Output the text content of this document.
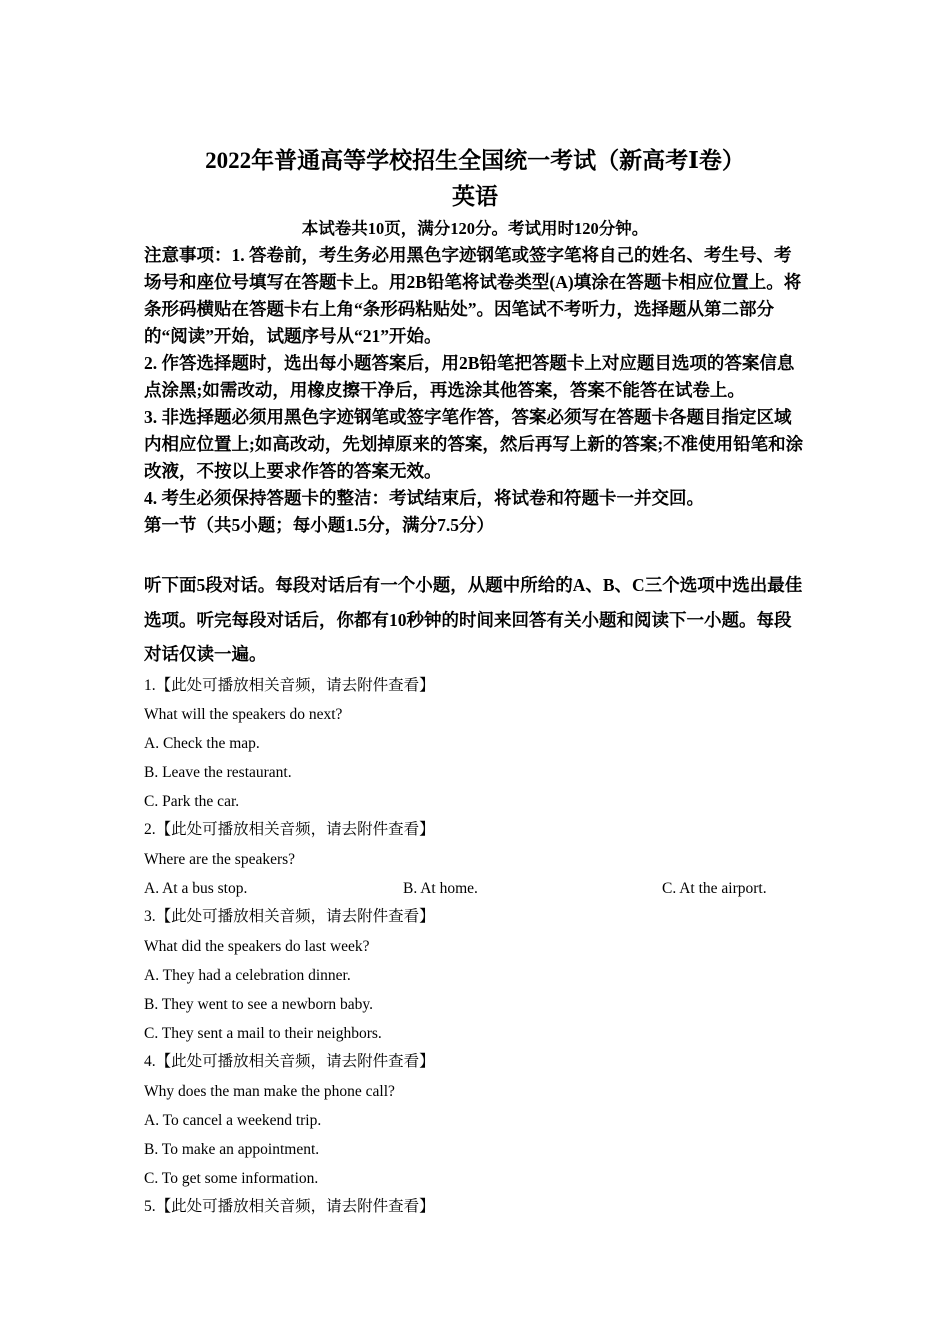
2022年普通高等学校招生全国统一考试（新高考Ⅰ卷）
英语
本试卷共10页，满分120分。考试用时120分钟。

注意事项：1. 答卷前，考生务必用黑色字迹钢笔或签字笔将自己的姓名、考生号、考场号和座位号填写在答题卡上。用2B铅笔将试卷类型(A)填涂在答题卡相应位置上。将条形码横贴在答题卡右上角“条形码粘贴处”。因笔试不考听力，选择题从第二部分的“阅读”开始，试题序号从“21”开始。

2. 作答选择题时，选出每小题答案后，用2B铅笔把答题卡上对应题目选项的答案信息点涂黑;如需改动，用橡皮擦干净后，再选涂其他答案，答案不能答在试卷上。

3. 非选择题必须用黑色字迹钢笔或签字笔作答，答案必须写在答题卡各题目指定区域内相应位置上;如高改动，先划掉原来的答案，然后再写上新的答案;不准使用铅笔和涂改液，不按以上要求作答的答案无效。

4. 考生必须保持答题卡的整洁：考试结束后，将试卷和符题卡一并交回。

第一节（共5小题；每小题1.5分，满分7.5分）

听下面5段对话。每段对话后有一个小题，从题中所给的A、B、C三个选项中选出最佳选项。听完每段对话后，你都有10秒钟的时间来回答有关小题和阅读下一小题。每段对话仅读一遍。
1.【此处可播放相关音频，请去附件查看】
What will the speakers do next?
A. Check the map.
B. Leave the restaurant.
C. Park the car.
2.【此处可播放相关音频，请去附件查看】
Where are the speakers?
A. At a bus stop.	B. At home.	C. At the airport.
3.【此处可播放相关音频，请去附件查看】
What did the speakers do last week?
A. They had a celebration dinner.
B. They went to see a newborn baby.
C. They sent a mail to their neighbors.
4.【此处可播放相关音频，请去附件查看】
Why does the man make the phone call?
A. To cancel a weekend trip.
B. To make an appointment.
C. To get some information.
5.【此处可播放相关音频，请去附件查看】
